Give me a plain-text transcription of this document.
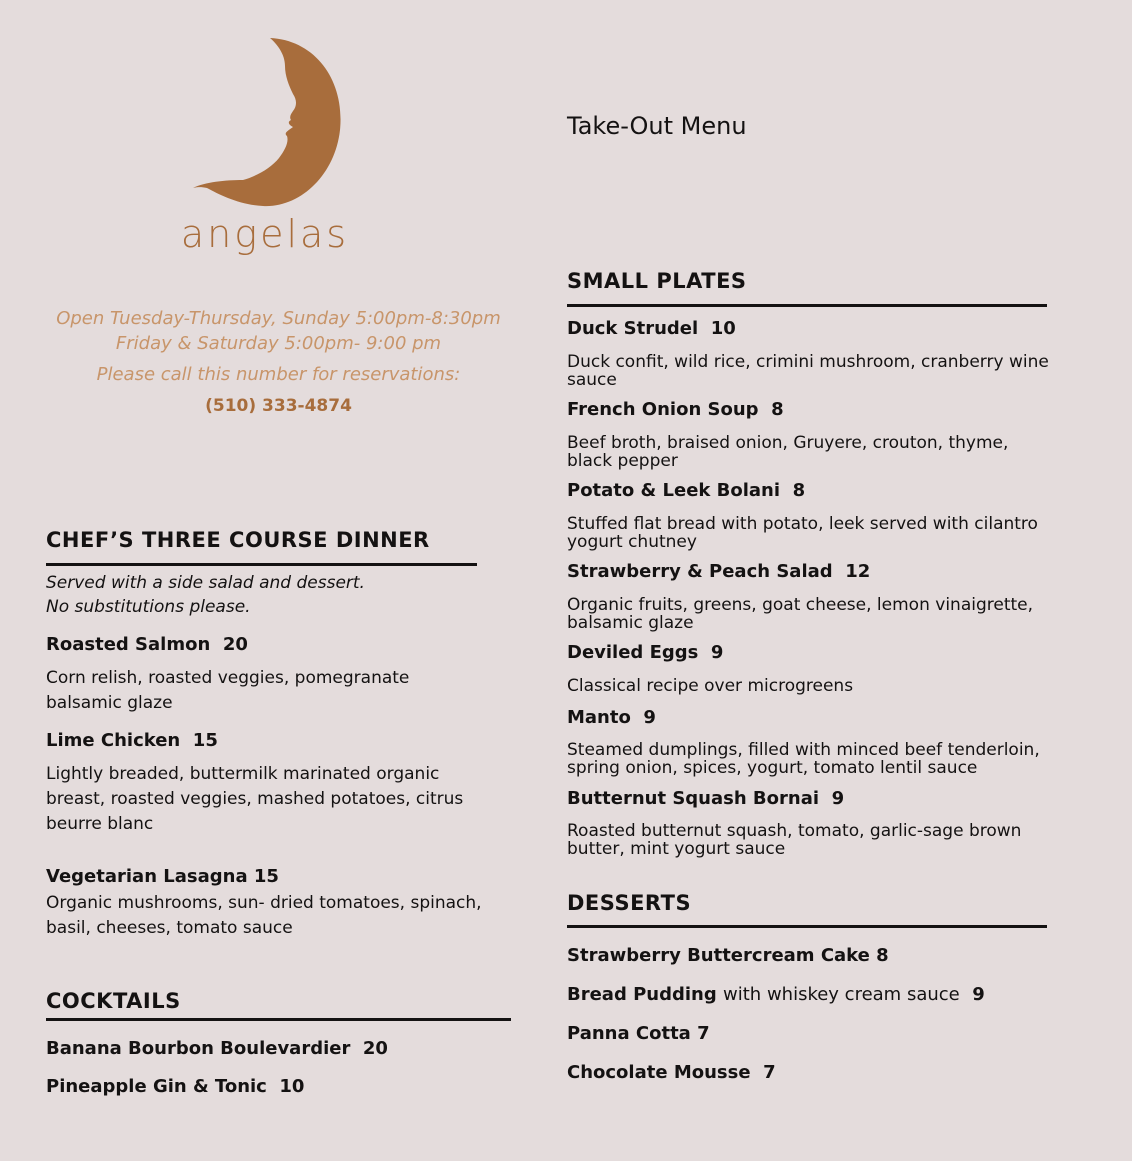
angelas
Open Tuesday-Thursday, Sunday 5:00pm-8:30pm
Friday & Saturday 5:00pm- 9:00 pm
Please call this number for reservations:
(510) 333-4874
Take-Out Menu
CHEF’S THREE COURSE DINNER
Served with a side salad and dessert.
No substitutions please.
Roasted Salmon 20
Corn relish, roasted veggies, pomegranate
balsamic glaze
Lime Chicken 15
Lightly breaded, buttermilk marinated organic
breast, roasted veggies, mashed potatoes, citrus
beurre blanc
Vegetarian Lasagna 15
Organic mushrooms, sun- dried tomatoes, spinach,
basil, cheeses, tomato sauce
COCKTAILS
Banana Bourbon Boulevardier 20
Pineapple Gin & Tonic 10
SMALL PLATES
Duck Strudel 10
Duck confit, wild rice, crimini mushroom, cranberry wine
sauce
French Onion Soup 8
Beef broth, braised onion, Gruyere, crouton, thyme,
black pepper
Potato & Leek Bolani 8
Stuffed flat bread with potato, leek served with cilantro
yogurt chutney
Strawberry & Peach Salad 12
Organic fruits, greens, goat cheese, lemon vinaigrette,
balsamic glaze
Deviled Eggs 9
Classical recipe over microgreens
Manto 9
Steamed dumplings, filled with minced beef tenderloin,
spring onion, spices, yogurt, tomato lentil sauce
Butternut Squash Bornai 9
Roasted butternut squash, tomato, garlic-sage brown
butter, mint yogurt sauce
DESSERTS
Strawberry Buttercream Cake 8
Bread Pudding with whiskey cream sauce 9
Panna Cotta 7
Chocolate Mousse 7
